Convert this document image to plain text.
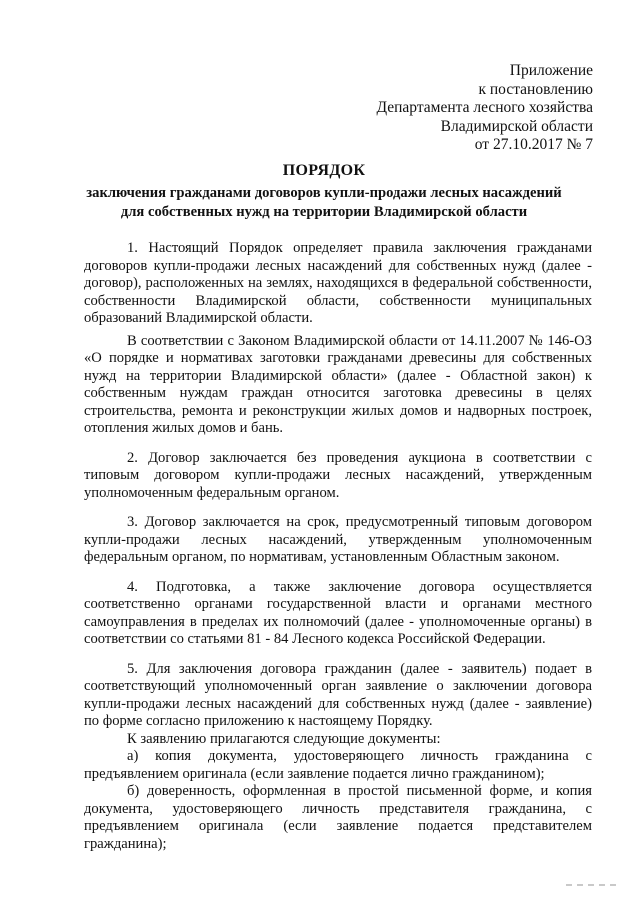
Приложение
к постановлению
Департамента лесного хозяйства
Владимирской области
от 27.10.2017 № 7
ПОРЯДОК
заключения гражданами договоров купли-продажи лесных насаждений
для собственных нужд на территории Владимирской области

1. Настоящий Порядок определяет правила заключения гражданами договоров купли-продажи лесных насаждений для собственных нужд (далее - договор), расположенных на землях, находящихся в федеральной собственности, собственности Владимирской области, собственности муниципальных образований Владимирской области.

В соответствии с Законом Владимирской области от 14.11.2007 № 146-ОЗ «О порядке и нормативах заготовки гражданами древесины для собственных нужд на территории Владимирской области» (далее - Областной закон) к собственным нуждам граждан относится заготовка древесины в целях строительства, ремонта и реконструкции жилых домов и надворных построек, отопления жилых домов и бань.

2. Договор заключается без проведения аукциона в соответствии с типовым договором купли-продажи лесных насаждений, утвержденным уполномоченным федеральным органом.

3. Договор заключается на срок, предусмотренный типовым договором купли-продажи лесных насаждений, утвержденным уполномоченным федеральным органом, по нормативам, установленным Областным законом.

4. Подготовка, а также заключение договора осуществляется соответственно органами государственной власти и органами местного самоуправления в пределах их полномочий (далее - уполномоченные органы) в соответствии со статьями 81 - 84 Лесного кодекса Российской Федерации.

5. Для заключения договора гражданин (далее - заявитель) подает в соответствующий уполномоченный орган заявление о заключении договора купли-продажи лесных насаждений для собственных нужд (далее - заявление) по форме согласно приложению к настоящему Порядку.

К заявлению прилагаются следующие документы:

а) копия документа, удостоверяющего личность гражданина с предъявлением оригинала (если заявление подается лично гражданином);

б) доверенность, оформленная в простой письменной форме, и копия документа, удостоверяющего личность представителя гражданина, с предъявлением оригинала (если заявление подается представителем гражданина);
